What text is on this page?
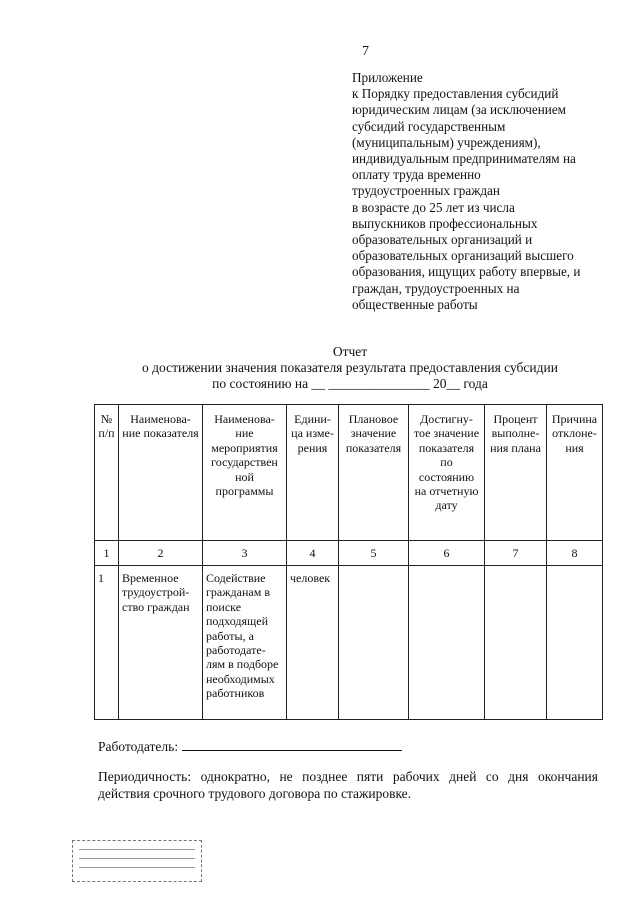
7
Приложение
к Порядку предоставления субсидий
юридическим лицам (за исключением
субсидий государственным
(муниципальным) учреждениям),
индивидуальным предпринимателям на
оплату труда временно
трудоустроенных граждан
в возрасте до 25 лет из числа
выпускников профессиональных
образовательных организаций и
образовательных организаций высшего
образования, ищущих работу впервые, и
граждан, трудоустроенных на
общественные работы
Отчет
о достижении значения показателя результата предоставления субсидии
по состоянию на __ _______________ 20__ года
№ п/п	Наименова- ние показателя	Наименова- ние мероприятия государствен ной программы	Едини- ца изме- рения	Плановое значение показателя	Достигну- тое значение показателя по состоянию на отчетную дату	Процент выполне- ния плана	Причина отклоне- ния
1	2	3	4	5	6	7	8
1	Временное трудоустрой- ство граждан	Содействие гражданам в поиске подходящей работы, а работодате- лям в подборе необходимых работников	человек				
Работодатель:
Периодичность: однократно, не позднее пяти рабочих дней со дня окончания действия срочного трудового договора по стажировке.
